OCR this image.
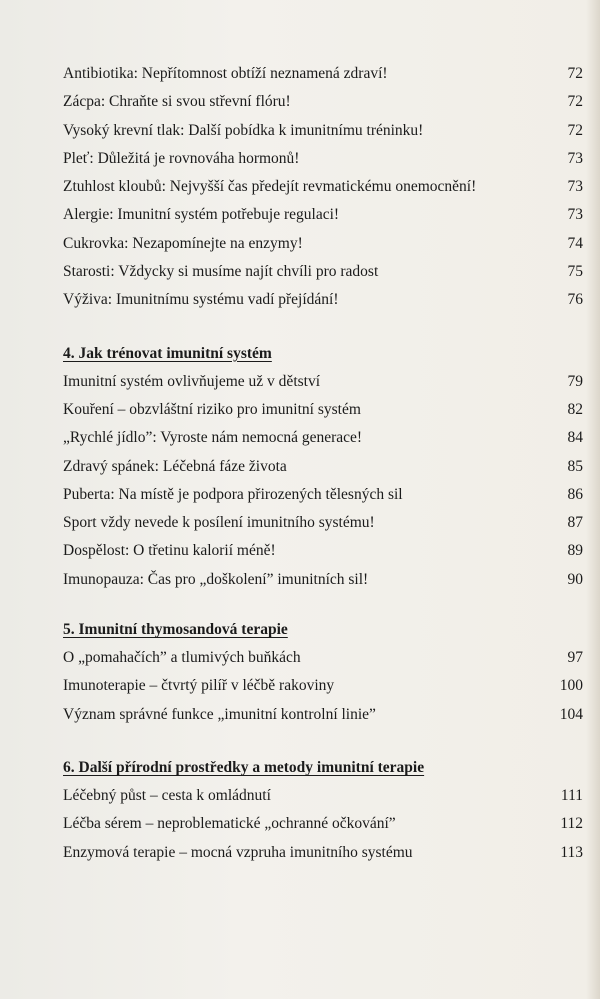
Antibiotika: Nepřítomnost obtíží neznamená zdraví!	72
Zácpa: Chraňte si svou střevní flóru!	72
Vysoký krevní tlak: Další pobídka k imunitnímu tréninku!	72
Pleť: Důležitá je rovnováha hormonů!	73
Ztuhlost kloubů: Nejvyšší čas předejít revmatickému onemocnění!	73
Alergie: Imunitní systém potřebuje regulaci!	73
Cukrovka: Nezapomínejte na enzymy!	74
Starosti: Vždycky si musíme najít chvíli pro radost	75
Výživa: Imunitnímu systému vadí přejídání!	76
4. Jak trénovat imunitní systém
Imunitní systém ovlivňujeme už v dětství	79
Kouření – obzvláštní riziko pro imunitní systém	82
„Rychlé jídlo”: Vyroste nám nemocná generace!	84
Zdravý spánek: Léčebná fáze života	85
Puberta: Na místě je podpora přirozených tělesných sil	86
Sport vždy nevede k posílení imunitního systému!	87
Dospělost: O třetinu kalorií méně!	89
Imunopauza: Čas pro „doškolení” imunitních sil!	90
5. Imunitní thymosandová terapie
O „pomahačích” a tlumivých buňkách	97
Imunoterapie – čtvrtý pilíř v léčbě rakoviny	100
Význam správné funkce „imunitní kontrolní linie”	104
6. Další přírodní prostředky a metody imunitní terapie
Léčebný půst – cesta k omládnutí	111
Léčba sérem – neproblematické „ochranné očkování”	112
Enzymová terapie – mocná vzpruha imunitního systému	113
